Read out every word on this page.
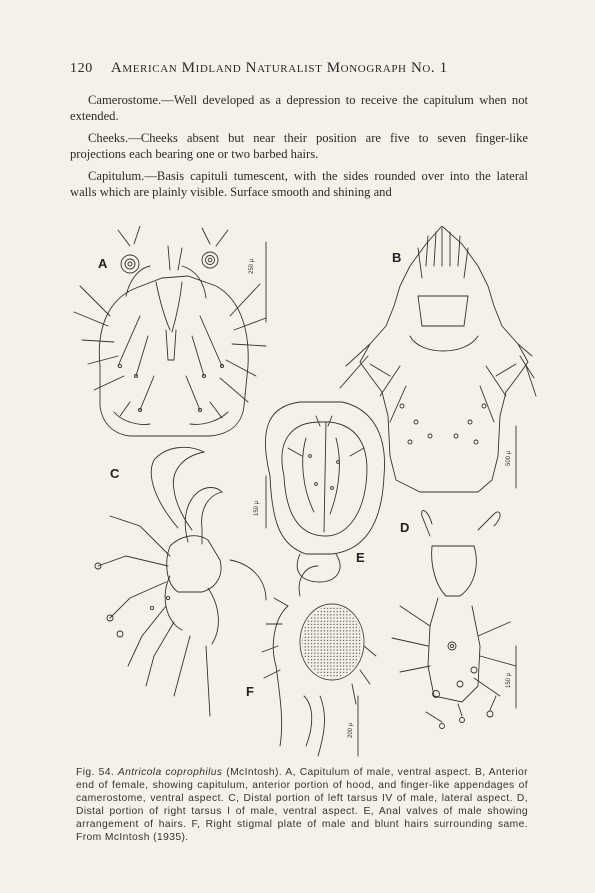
120 American Midland Naturalist Monograph No. 1

Camerostome.—Well developed as a depression to receive the capitulum when not extended.

Cheeks.—Cheeks absent but near their position are five to seven finger-like projections each bearing one or two barbed hairs.

Capitulum.—Basis capituli tumescent, with the sides rounded over into the lateral walls which are plainly visible. Surface smooth and shining and

A	250 μ
B
500 μ
C
150 μ
E
D
150 μ
F
200 μ

Fig. 54. Antricola coprophilus (McIntosh). A, Capitulum of male, ventral aspect. B, Anterior end of female, showing capitulum, anterior portion of hood, and finger-like appendages of camerostome, ventral aspect. C, Distal portion of left tarsus IV of male, lateral aspect. D, Distal portion of right tarsus I of male, ventral aspect. E, Anal valves of male showing arrangement of hairs. F, Right stigmal plate of male and blunt hairs surrounding same. From McIntosh (1935).
